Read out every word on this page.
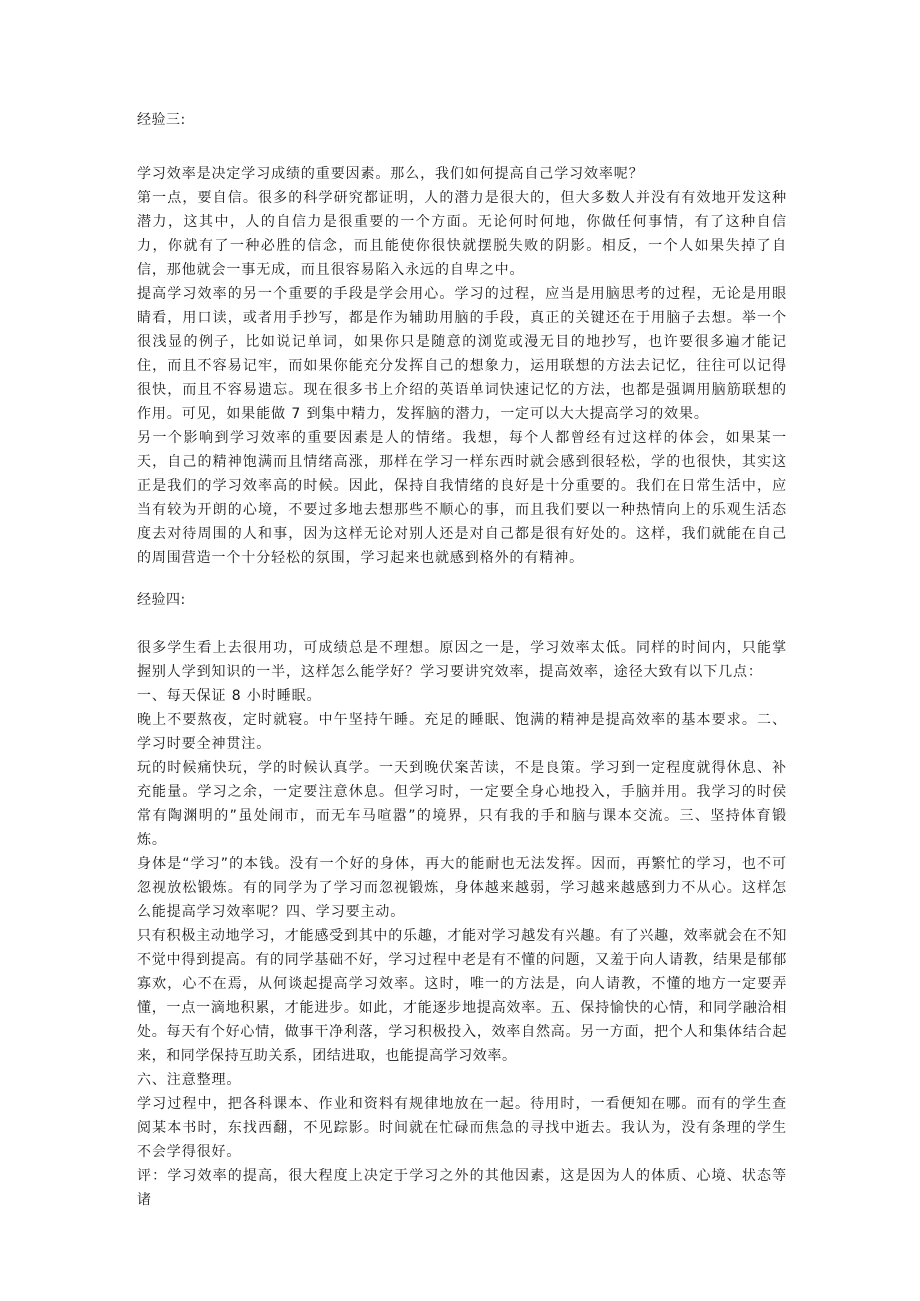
经验三:

学习效率是决定学习成绩的重要因素。那么，我们如何提高自己学习效率呢？

第一点，要自信。很多的科学研究都证明，人的潜力是很大的，但大多数人并没有有效地开发这种潜力，这其中，人的自信力是很重要的一个方面。无论何时何地，你做任何事情，有了这种自信力，你就有了一种必胜的信念，而且能使你很快就摆脱失败的阴影。相反，一个人如果失掉了自信，那他就会一事无成，而且很容易陷入永远的自卑之中。

提高学习效率的另一个重要的手段是学会用心。学习的过程，应当是用脑思考的过程，无论是用眼睛看，用口读，或者用手抄写，都是作为辅助用脑的手段，真正的关键还在于用脑子去想。举一个很浅显的例子，比如说记单词，如果你只是随意的浏览或漫无目的地抄写，也许要很多遍才能记住，而且不容易记牢，而如果你能充分发挥自己的想象力，运用联想的方法去记忆，往往可以记得很快，而且不容易遗忘。现在很多书上介绍的英语单词快速记忆的方法，也都是强调用脑筋联想的作用。可见，如果能做 7 到集中精力，发挥脑的潜力，一定可以大大提高学习的效果。

另一个影响到学习效率的重要因素是人的情绪。我想，每个人都曾经有过这样的体会，如果某一天，自己的精神饱满而且情绪高涨，那样在学习一样东西时就会感到很轻松，学的也很快，其实这正是我们的学习效率高的时候。因此，保持自我情绪的良好是十分重要的。我们在日常生活中，应当有较为开朗的心境，不要过多地去想那些不顺心的事，而且我们要以一种热情向上的乐观生活态度去对待周围的人和事，因为这样无论对别人还是对自己都是很有好处的。这样，我们就能在自己的周围营造一个十分轻松的氛围，学习起来也就感到格外的有精神。

经验四:

很多学生看上去很用功，可成绩总是不理想。原因之一是，学习效率太低。同样的时间内，只能掌握别人学到知识的一半，这样怎么能学好？学习要讲究效率，提高效率，途径大致有以下几点：

一、每天保证 8 小时睡眠。

晚上不要熬夜，定时就寝。中午坚持午睡。充足的睡眠、饱满的精神是提高效率的基本要求。二、学习时要全神贯注。

玩的时候痛快玩，学的时候认真学。一天到晚伏案苦读，不是良策。学习到一定程度就得休息、补充能量。学习之余，一定要注意休息。但学习时，一定要全身心地投入，手脑并用。我学习的时侯常有陶渊明的”虽处闹市，而无车马喧嚣”的境界，只有我的手和脑与课本交流。三、坚持体育锻炼。

身体是“学习”的本钱。没有一个好的身体，再大的能耐也无法发挥。因而，再繁忙的学习，也不可忽视放松锻炼。有的同学为了学习而忽视锻炼，身体越来越弱，学习越来越感到力不从心。这样怎么能提高学习效率呢？四、学习要主动。

只有积极主动地学习，才能感受到其中的乐趣，才能对学习越发有兴趣。有了兴趣，效率就会在不知不觉中得到提高。有的同学基础不好，学习过程中老是有不懂的问题，又羞于向人请教，结果是郁郁寡欢，心不在焉，从何谈起提高学习效率。这时，唯一的方法是，向人请教，不懂的地方一定要弄懂，一点一滴地积累，才能进步。如此，才能逐步地提高效率。五、保持愉快的心情，和同学融洽相处。每天有个好心情，做事干净利落，学习积极投入，效率自然高。另一方面，把个人和集体结合起来，和同学保持互助关系，团结进取，也能提高学习效率。

六、注意整理。

学习过程中，把各科课本、作业和资料有规律地放在一起。待用时，一看便知在哪。而有的学生查阅某本书时，东找西翻，不见踪影。时间就在忙碌而焦急的寻找中逝去。我认为，没有条理的学生不会学得很好。

评：学习效率的提高，很大程度上决定于学习之外的其他因素，这是因为人的体质、心境、状态等诸
